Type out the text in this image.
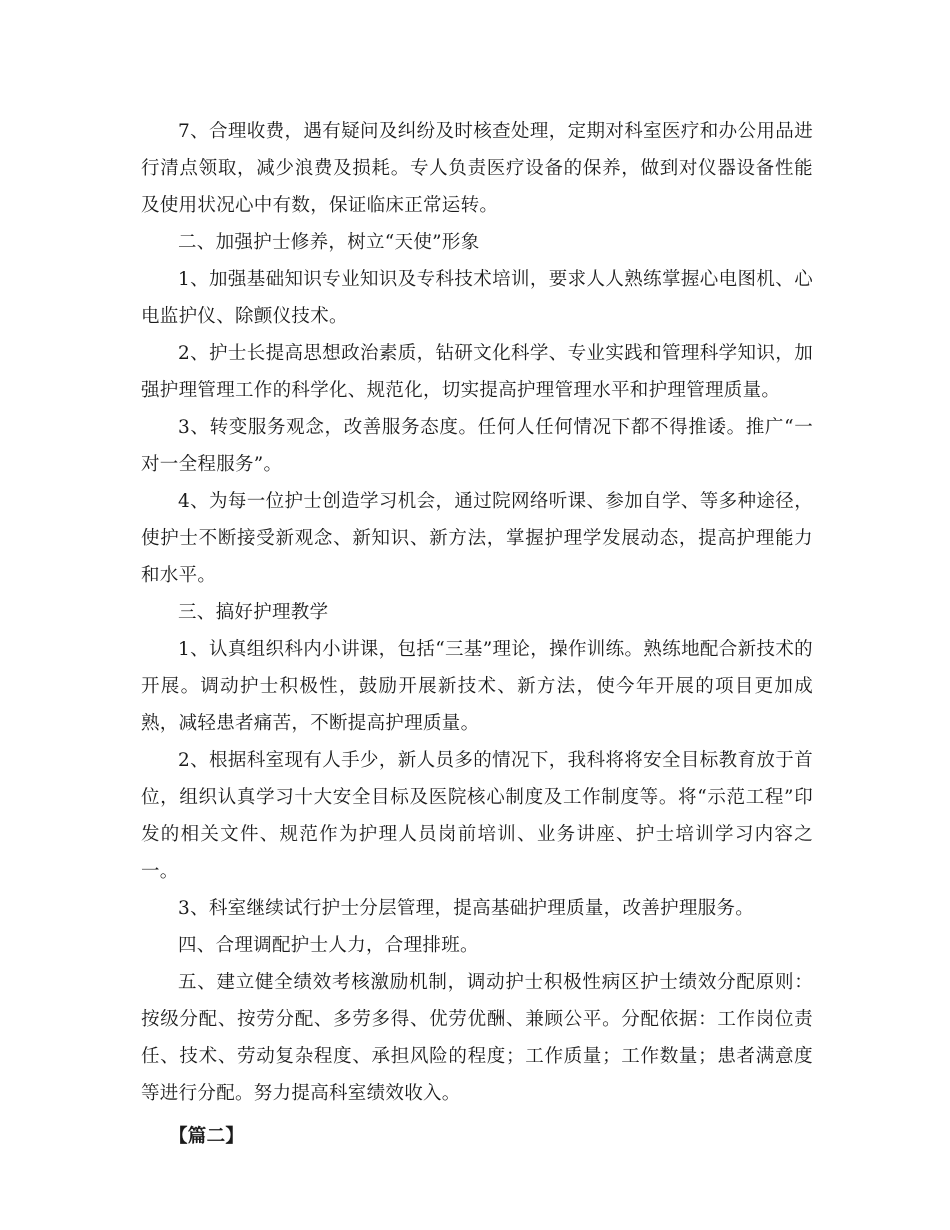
7、合理收费，遇有疑问及纠纷及时核查处理，定期对科室医疗和办公用品进行清点领取，减少浪费及损耗。专人负责医疗设备的保养，做到对仪器设备性能及使用状况心中有数，保证临床正常运转。

二、加强护士修养，树立“天使”形象

1、加强基础知识专业知识及专科技术培训，要求人人熟练掌握心电图机、心电监护仪、除颤仪技术。

2、护士长提高思想政治素质，钻研文化科学、专业实践和管理科学知识，加强护理管理工作的科学化、规范化，切实提高护理管理水平和护理管理质量。

3、转变服务观念，改善服务态度。任何人任何情况下都不得推诿。推广“一对一全程服务”。

4、为每一位护士创造学习机会，通过院网络听课、参加自学、等多种途径，使护士不断接受新观念、新知识、新方法，掌握护理学发展动态，提高护理能力和水平。

三、搞好护理教学

1、认真组织科内小讲课，包括“三基”理论，操作训练。熟练地配合新技术的开展。调动护士积极性，鼓励开展新技术、新方法，使今年开展的项目更加成熟，减轻患者痛苦，不断提高护理质量。

2、根据科室现有人手少，新人员多的情况下，我科将将安全目标教育放于首位，组织认真学习十大安全目标及医院核心制度及工作制度等。将“示范工程”印发的相关文件、规范作为护理人员岗前培训、业务讲座、护士培训学习内容之一。

3、科室继续试行护士分层管理，提高基础护理质量，改善护理服务。

四、合理调配护士人力，合理排班。

五、建立健全绩效考核激励机制，调动护士积极性病区护士绩效分配原则：按级分配、按劳分配、多劳多得、优劳优酬、兼顾公平。分配依据：工作岗位责任、技术、劳动复杂程度、承担风险的程度；工作质量；工作数量；患者满意度等进行分配。努力提高科室绩效收入。

【篇二】
